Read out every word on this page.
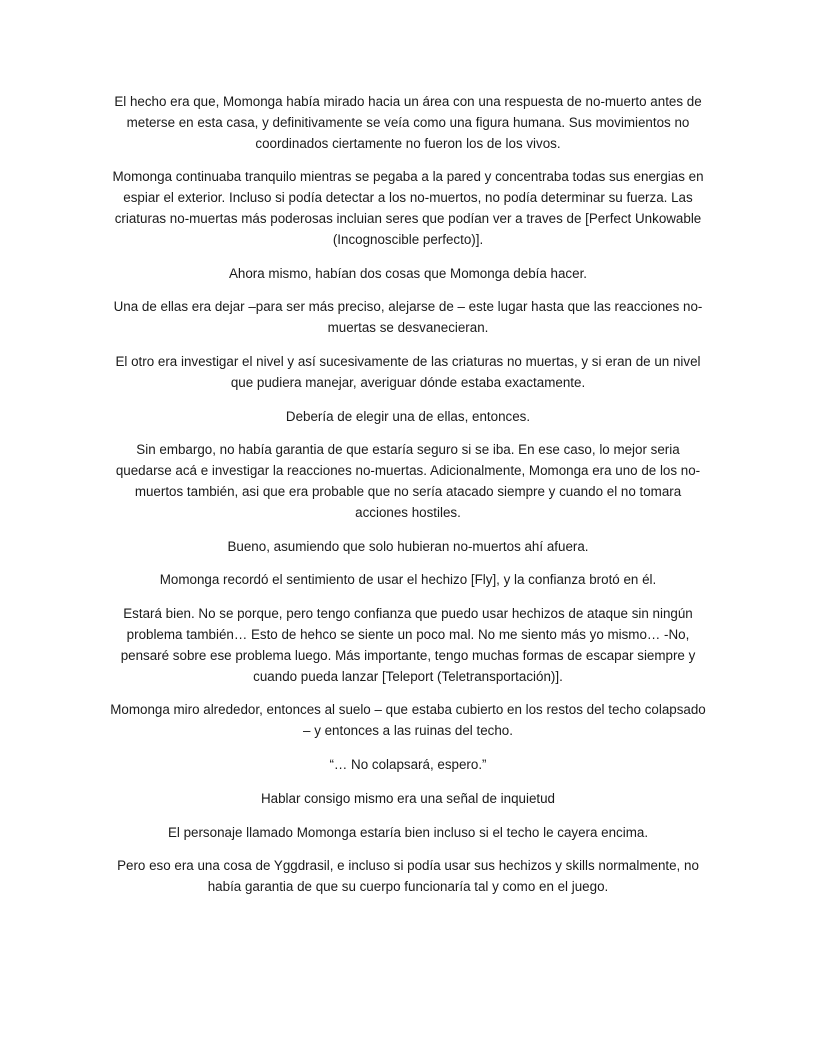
El hecho era que, Momonga había mirado hacia un área con una respuesta de no-muerto antes de meterse en esta casa, y definitivamente se veía como una figura humana. Sus movimientos no coordinados ciertamente no fueron los de los vivos.

Momonga continuaba tranquilo mientras se pegaba a la pared y concentraba todas sus energias en espiar el exterior. Incluso si podía detectar a los no-muertos, no podía determinar su fuerza. Las criaturas no-muertas más poderosas incluian seres que podían ver a traves de [Perfect Unkowable (Incognoscible perfecto)].

Ahora mismo, habían dos cosas que Momonga debía hacer.

Una de ellas era dejar –para ser más preciso, alejarse de – este lugar hasta que las reacciones no-muertas se desvanecieran.

El otro era investigar el nivel y así sucesivamente de las criaturas no muertas, y si eran de un nivel que pudiera manejar, averiguar dónde estaba exactamente.

Debería de elegir una de ellas, entonces.

Sin embargo, no había garantia de que estaría seguro si se iba. En ese caso, lo mejor seria quedarse acá e investigar la reacciones no-muertas. Adicionalmente, Momonga era uno de los no-muertos también, asi que era probable que no sería atacado siempre y cuando el no tomara acciones hostiles.

Bueno, asumiendo que solo hubieran no-muertos ahí afuera.

Momonga recordó el sentimiento de usar el hechizo [Fly], y la confianza brotó en él.

Estará bien. No se porque, pero tengo confianza que puedo usar hechizos de ataque sin ningún problema también… Esto de hehco se siente un poco mal. No me siento más yo mismo… -No, pensaré sobre ese problema luego. Más importante, tengo muchas formas de escapar siempre y cuando pueda lanzar [Teleport (Teletransportación)].

Momonga miro alrededor, entonces al suelo – que estaba cubierto en los restos del techo colapsado – y entonces a las ruinas del techo.

“… No colapsará, espero.”

Hablar consigo mismo era una señal de inquietud

El personaje llamado Momonga estaría bien incluso si el techo le cayera encima.

Pero eso era una cosa de Yggdrasil, e incluso si podía usar sus hechizos y skills normalmente, no había garantia de que su cuerpo funcionaría tal y como en el juego.
